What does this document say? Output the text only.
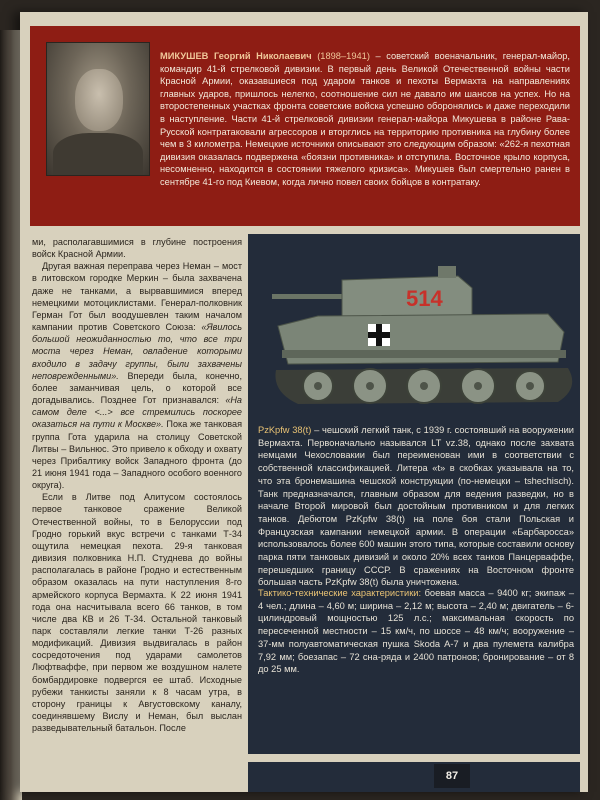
МИКУШЕВ Георгий Николаевич (1898–1941) – советский военачальник, генерал-майор, командир 41-й стрелковой дивизии. В первый день Великой Отечественной войны части Красной Армии, оказавшиеся под ударом танков и пехоты Вермахта на направлениях главных ударов, пришлось нелегко, соотношение сил не давало им шансов на успех. Но на второстепенных участках фронта советские войска успешно оборонялись и даже переходили в наступление. Части 41-й стрелковой дивизии генерал-майора Микушева в районе Рава-Русской контратаковали агрессоров и вторглись на территорию противника на глубину более чем в 3 километра. Немецкие источники описывают это следующим образом: «262-я пехотная дивизия оказалась подвержена «боязни противника» и отступила. Восточное крыло корпуса, несомненно, находится в состоянии тяжелого кризиса». Микушев был смертельно ранен в сентябре 41-го под Киевом, когда лично повел своих бойцов в контратаку.

ми, располагавшимися в глубине построения войск Красной Армии.

Другая важная переправа через Неман – мост в литовском городке Меркин – была захвачена даже не танками, а вырвавшимися вперед немецкими мотоциклистами. Генерал-полковник Герман Гот был воодушевлен таким началом кампании против Советского Союза: «Явилось большой неожиданностью то, что все три моста через Неман, овладение которыми входило в задачу группы, были захвачены неповрежденными». Впереди была, конечно, более заманчивая цель, о которой все догадывались. Позднее Гот признавался: «На самом деле <...> все стремились поскорее оказаться на пути к Москве». Пока же танковая группа Гота ударила на столицу Советской Литвы – Вильнюс. Это привело к обходу и охвату через Прибалтику войск Западного фронта (до 21 июня 1941 года – Западного особого военного округа).

Если в Литве под Алитусом состоялось первое танковое сражение Великой Отечественной войны, то в Белоруссии под Гродно горький вкус встречи с танками Т-34 ощутила немецкая пехота. 29-я танковая дивизия полковника Н.П. Студнева до войны располагалась в районе Гродно и естественным образом оказалась на пути наступления 8-го армейского корпуса Вермахта. К 22 июня 1941 года она насчитывала всего 66 танков, в том числе два КВ и 26 Т-34. Остальной танковый парк составляли легкие танки Т-26 разных модификаций. Дивизия выдвигалась в район сосредоточения под ударами самолетов Люфтваффе, при первом же воздушном налете бомбардировке подвергся ее штаб. Исходные рубежи танкисты заняли к 8 часам утра, в сторону границы к Августовскому каналу, соединявшему Вислу и Неман, был выслан разведывательный батальон. После

514
PzKpfw 38(t) – чешский легкий танк, с 1939 г. состоявший на вооружении Вермахта. Первоначально назывался LT vz.38, однако после захвата немцами Чехословакии был переименован ими в соответствии с собственной классификацией. Литера «t» в скобках указывала на то, что эта бронемашина чешской конструкции (по-немецки – tshechisch). Танк предназначался, главным образом для ведения разведки, но в начале Второй мировой был достойным противником и для легких танков. Дебютом PzKpfw 38(t) на поле боя стали Польская и Французская кампании немецкой армии. В операции «Барбаросса» использовалось более 600 машин этого типа, которые составили основу парка пяти танковых дивизий и около 20% всех танков Панцерваффе, перешедших границу СССР. В сражениях на Восточном фронте большая часть PzKpfw 38(t) была уничтожена.
Тактико-технические характеристики: боевая масса – 9400 кг; экипаж – 4 чел.; длина – 4,60 м; ширина – 2,12 м; высота – 2,40 м; двигатель – 6-цилиндровый мощностью 125 л.с.; максимальная скорость по пересеченной местности – 15 км/ч, по шоссе – 48 км/ч; вооружение – 37-мм полуавтоматическая пушка Skoda A-7 и два пулемета калибра 7,92 мм; боезапас – 72 сна-ряда и 2400 патронов; бронирование – от 8 до 25 мм.
87
